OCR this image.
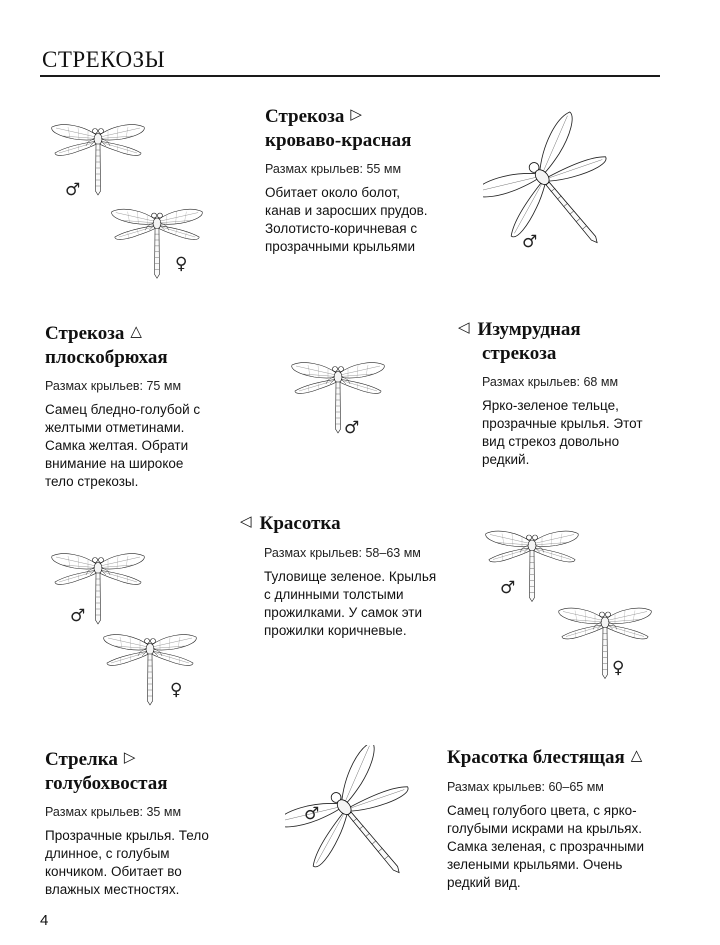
СТРЕКОЗЫ
Стрекоза ▷
кроваво-красная
Размах крыльев: 55 мм
Обитает около болот,
канав и заросших прудов.
Золотисто-коричневая с
прозрачными крыльями
♂
♀
♂
Стрекоза △
плоскобрюхая
Размах крыльев: 75 мм
Самец бледно-голубой с
желтыми отметинами.
Самка желтая. Обрати
внимание на широкое
тело стрекозы.
♂
◁ Изумрудная
стрекоза
Размах крыльев: 68 мм
Ярко-зеленое тельце,
прозрачные крылья. Этот
вид стрекоз довольно
редкий.
◁ Красотка
Размах крыльев: 58–63 мм
Туловище зеленое. Крылья
с длинными толстыми
прожилками. У самок эти
прожилки коричневые.
♂
♀
♂
♀
Стрелка ▷
голубохвостая
Размах крыльев: 35 мм
Прозрачные крылья. Тело
длинное, с голубым
кончиком. Обитает во
влажных местностях.
♂
Красотка блестящая △
Размах крыльев: 60–65 мм
Самец голубого цвета, с ярко-
голубыми искрами на крыльях.
Самка зеленая, с прозрачными
зелеными крыльями. Очень
редкий вид.
4
